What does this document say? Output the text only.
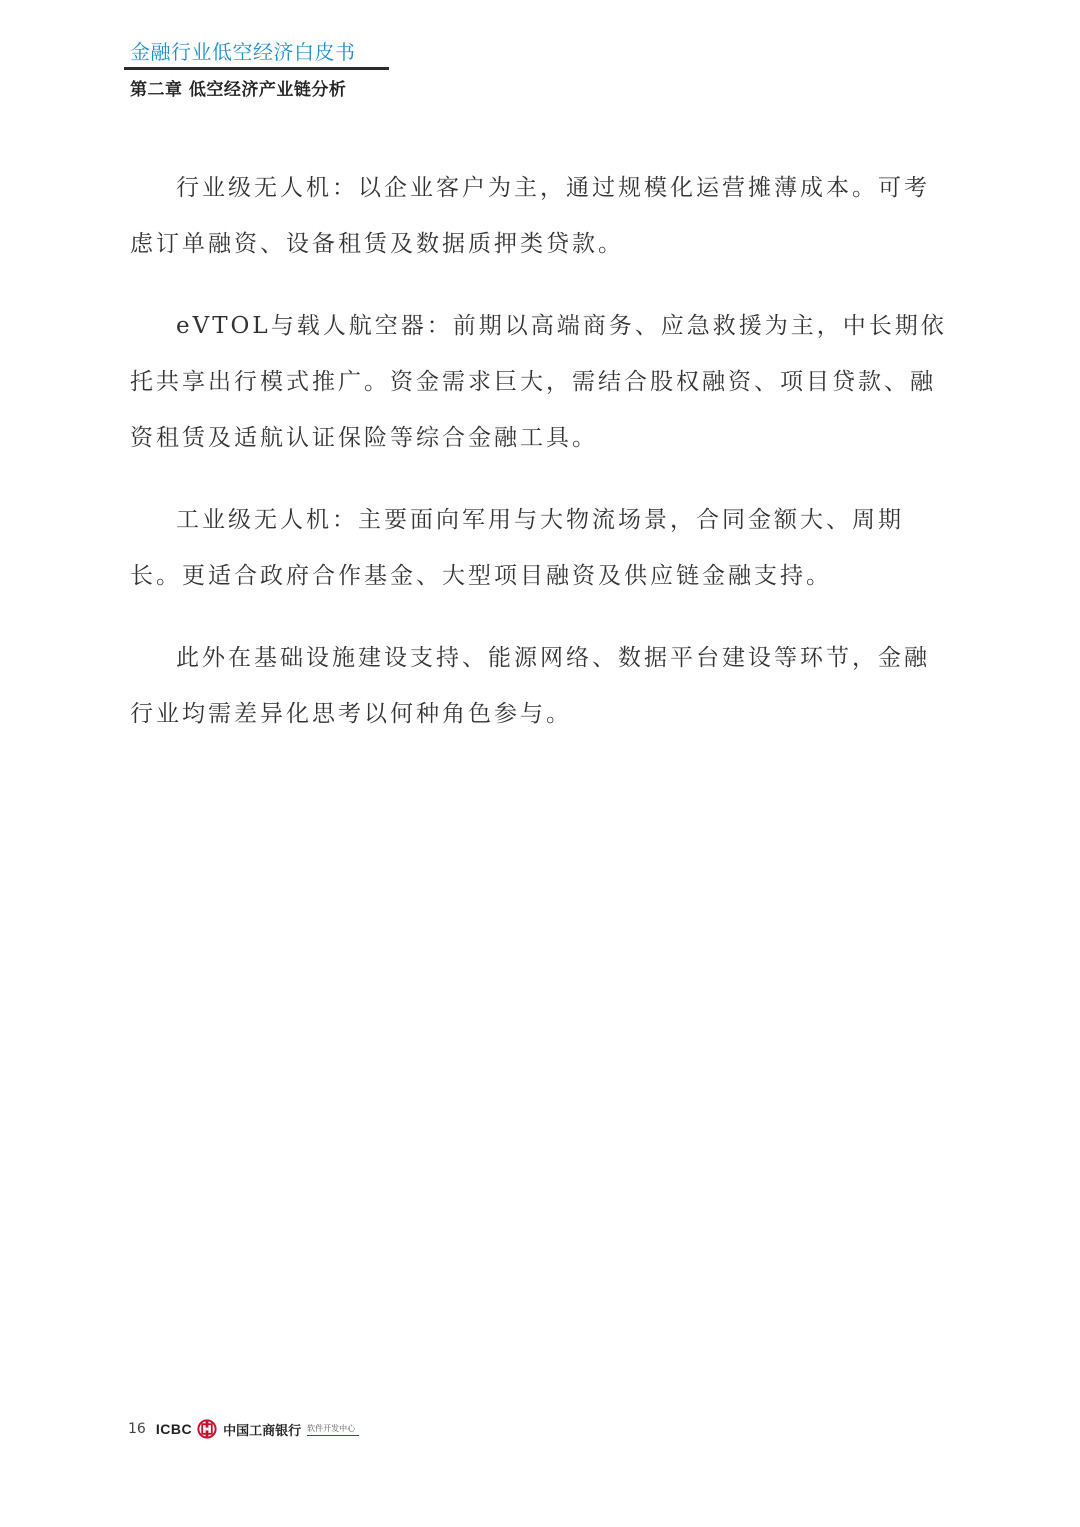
金融行业低空经济白皮书
第二章 低空经济产业链分析

行业级无人机：以企业客户为主，通过规模化运营摊薄成本。可考虑订单融资、设备租赁及数据质押类贷款。

eVTOL与载人航空器：前期以高端商务、应急救援为主，中长期依托共享出行模式推广。资金需求巨大，需结合股权融资、项目贷款、融资租赁及适航认证保险等综合金融工具。

工业级无人机：主要面向军用与大物流场景，合同金额大、周期长。更适合政府合作基金、大型项目融资及供应链金融支持。

此外在基础设施建设支持、能源网络、数据平台建设等环节，金融行业均需差异化思考以何种角色参与。

16 ICBC 中国工商银行 软件开发中心
